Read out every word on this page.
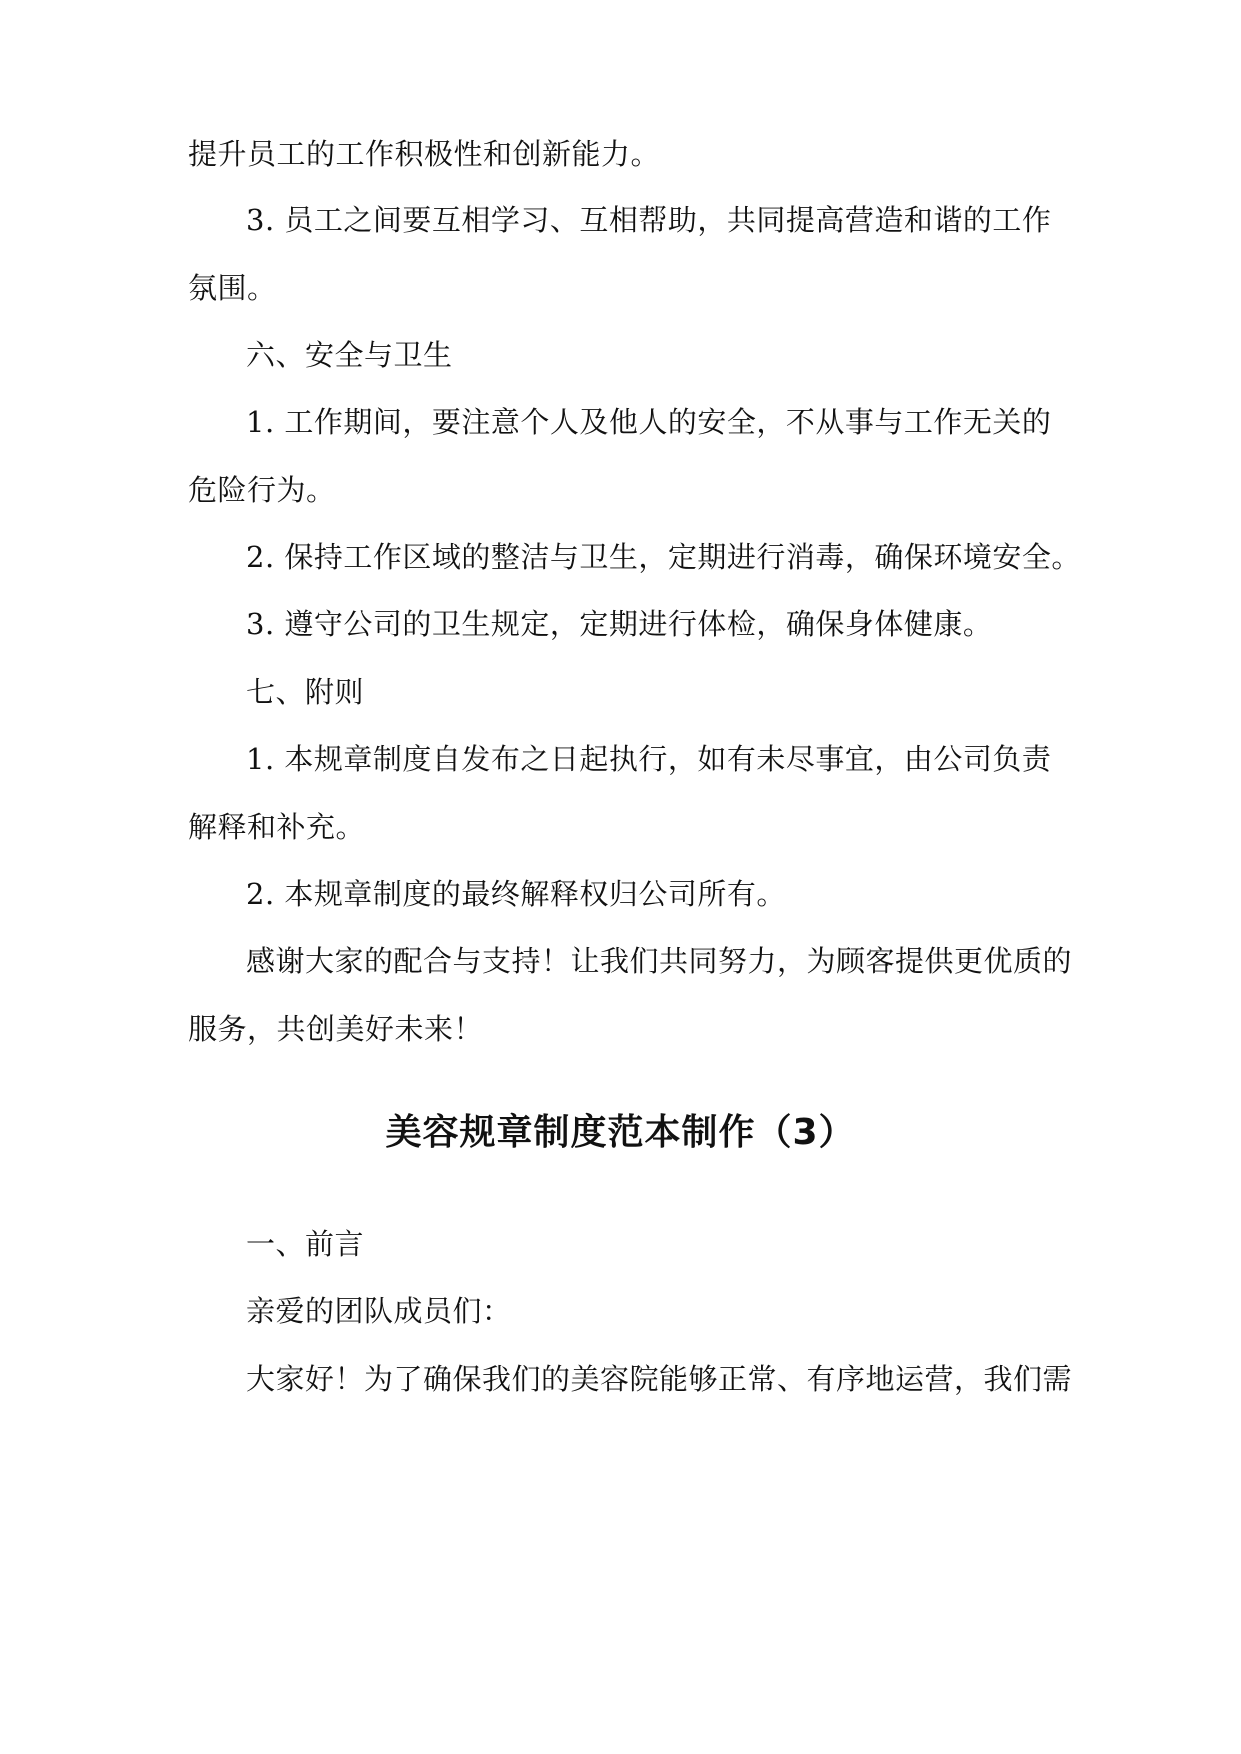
提升员工的工作积极性和创新能力。
3. 员工之间要互相学习、互相帮助，共同提高营造和谐的工作
氛围。
六、安全与卫生
1. 工作期间，要注意个人及他人的安全，不从事与工作无关的
危险行为。
2. 保持工作区域的整洁与卫生，定期进行消毒，确保环境安全。
3. 遵守公司的卫生规定，定期进行体检，确保身体健康。
七、附则
1. 本规章制度自发布之日起执行，如有未尽事宜，由公司负责
解释和补充。
2. 本规章制度的最终解释权归公司所有。
感谢大家的配合与支持！让我们共同努力，为顾客提供更优质的
服务，共创美好未来！
美容规章制度范本制作（3）
一、前言
亲爱的团队成员们：
大家好！为了确保我们的美容院能够正常、有序地运营，我们需
